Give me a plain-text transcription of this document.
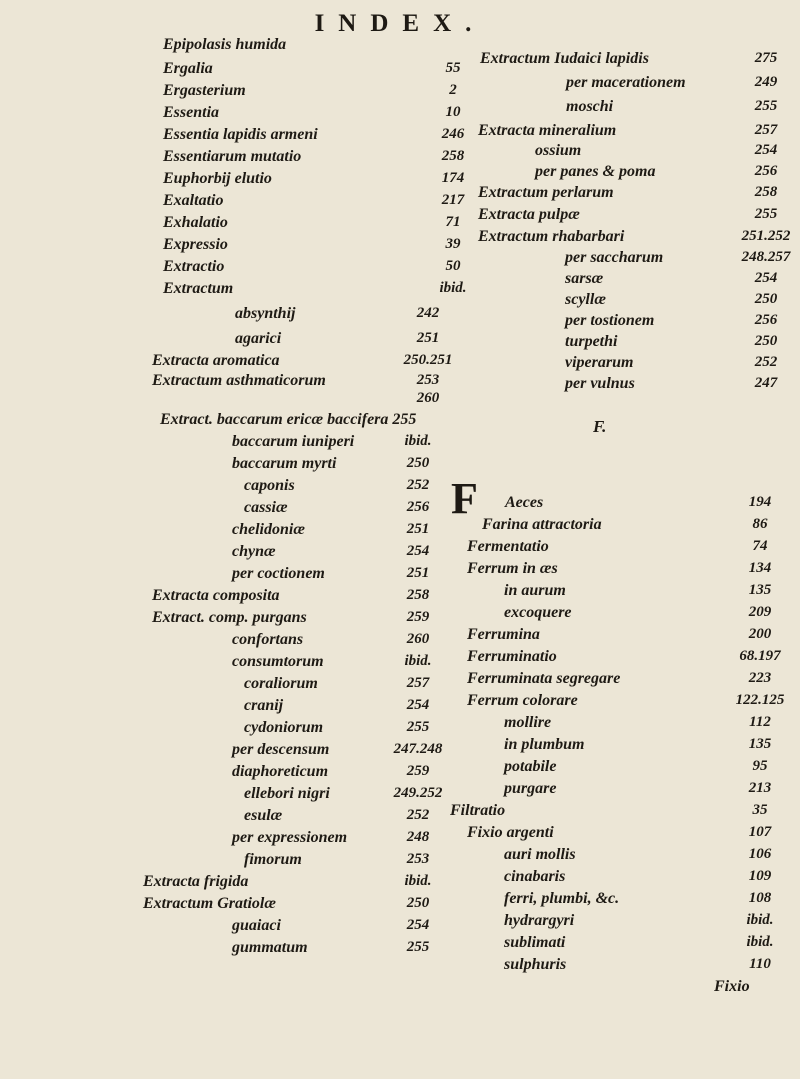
INDEX.
Epipolasis humida
Ergalia	55
Ergasterium	2
Essentia	10
Essentia lapidis armeni	246
Essentiarum mutatio	258
Euphorbij elutio	174
Exaltatio	217
Exhalatio	71
Expressio	39
Extractio	50
Extractum	ibid.
absynthij	242
agarici	251
Extracta aromatica	250.251
Extractum asthmaticorum	253
260
Extract. baccarum ericæ baccifera 255
baccarum iuniperi	ibid.
baccarum myrti	250
caponis	252
cassiæ	256
chelidoniæ	251
chynæ	254
per coctionem	251
Extracta composita	258
Extract. comp. purgans	259
confortans	260
consumtorum	ibid.
coraliorum	257
cranij	254
cydoniorum	255
per descensum	247.248
diaphoreticum	259
ellebori nigri	249.252
esulæ	252
per expressionem	248
fimorum	253
Extracta frigida	ibid.
Extractum Gratiolæ	250
guaiaci	254
gummatum	255
Extractum Iudaici lapidis	275
per macerationem	249
moschi	255
Extracta mineralium	257
ossium	254
per panes & poma	256
Extractum perlarum	258
Extracta pulpæ	255
Extractum rhabarbari	251.252
per saccharum	248.257
sarsæ	254
scyllæ	250
per tostionem	256
turpethi	250
viperarum	252
per vulnus	247
Aeces	194
Farina attractoria	86
Fermentatio	74
Ferrum in æs	134
in aurum	135
excoquere	209
Ferrumina	200
Ferruminatio	68.197
Ferruminata segregare	223
Ferrum colorare	122.125
mollire	112
in plumbum	135
potabile	95
purgare	213
Filtratio	35
Fixio argenti	107
auri mollis	106
cinabaris	109
ferri, plumbi, &c.	108
hydrargyri	ibid.
sublimati	ibid.
sulphuris	110
Fixio
F.
F
